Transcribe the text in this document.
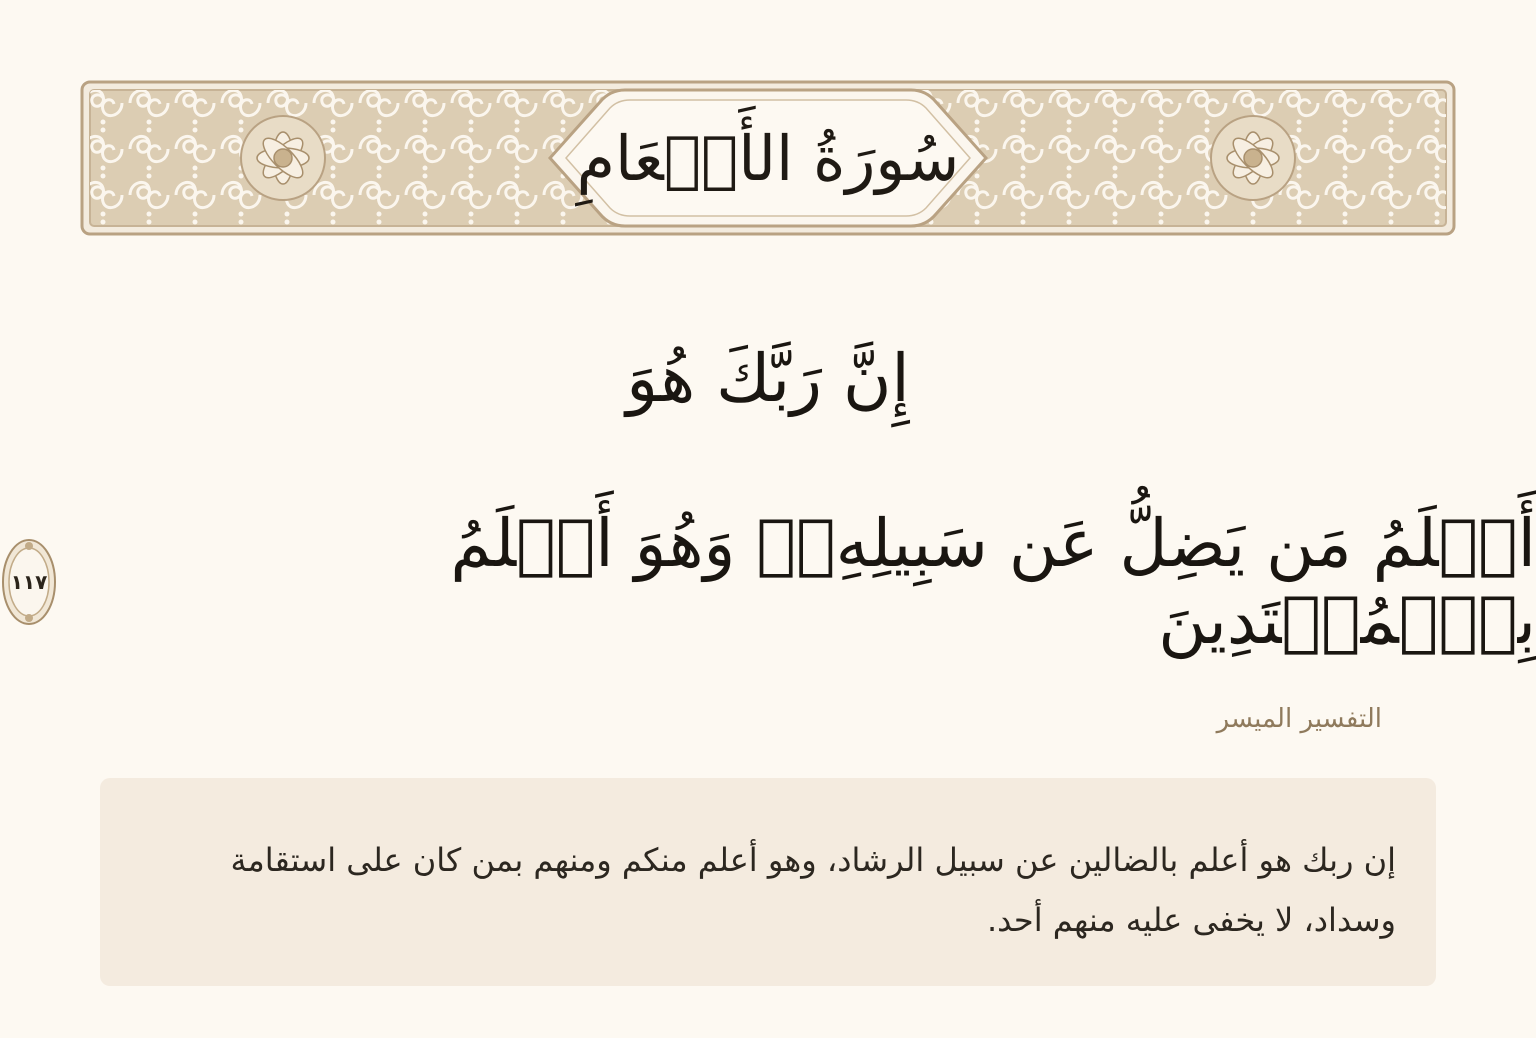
سُورَةُ الأَنۡعَامِ
إِنَّ رَبَّكَ هُوَ
أَعۡلَمُ مَن يَضِلُّ عَن سَبِيلِهِۦۖ وَهُوَ أَعۡلَمُ بِٱلۡمُهۡتَدِينَ
١١٧
التفسير الميسر

إن ربك هو أعلم بالضالين عن سبيل الرشاد، وهو أعلم منكم ومنهم بمن كان على استقامة وسداد، لا يخفى عليه منهم أحد.
